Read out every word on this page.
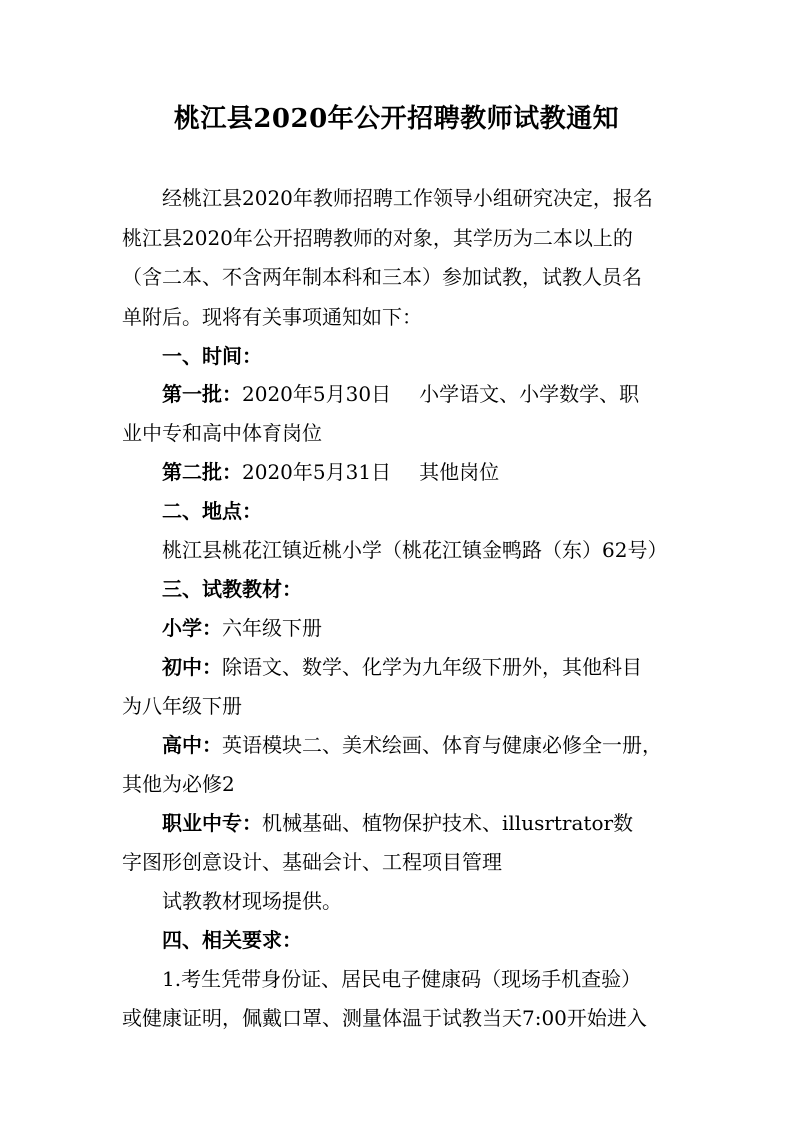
桃江县2020年公开招聘教师试教通知
经桃江县2020年教师招聘工作领导小组研究决定，报名
桃江县2020年公开招聘教师的对象，其学历为二本以上的
（含二本、不含两年制本科和三本）参加试教，试教人员名
单附后。现将有关事项通知如下：
一、时间：
第一批：2020年5月30日 小学语文、小学数学、职
业中专和高中体育岗位
第二批：2020年5月31日 其他岗位
二、地点：
桃江县桃花江镇近桃小学（桃花江镇金鸭路（东）62号）
三、试教教材：
小学：六年级下册
初中：除语文、数学、化学为九年级下册外，其他科目
为八年级下册
高中：英语模块二、美术绘画、体育与健康必修全一册，
其他为必修2
职业中专：机械基础、植物保护技术、illusrtrator数
字图形创意设计、基础会计、工程项目管理
试教教材现场提供。
四、相关要求：
1.考生凭带身份证、居民电子健康码（现场手机查验）
或健康证明，佩戴口罩、测量体温于试教当天7:00开始进入
